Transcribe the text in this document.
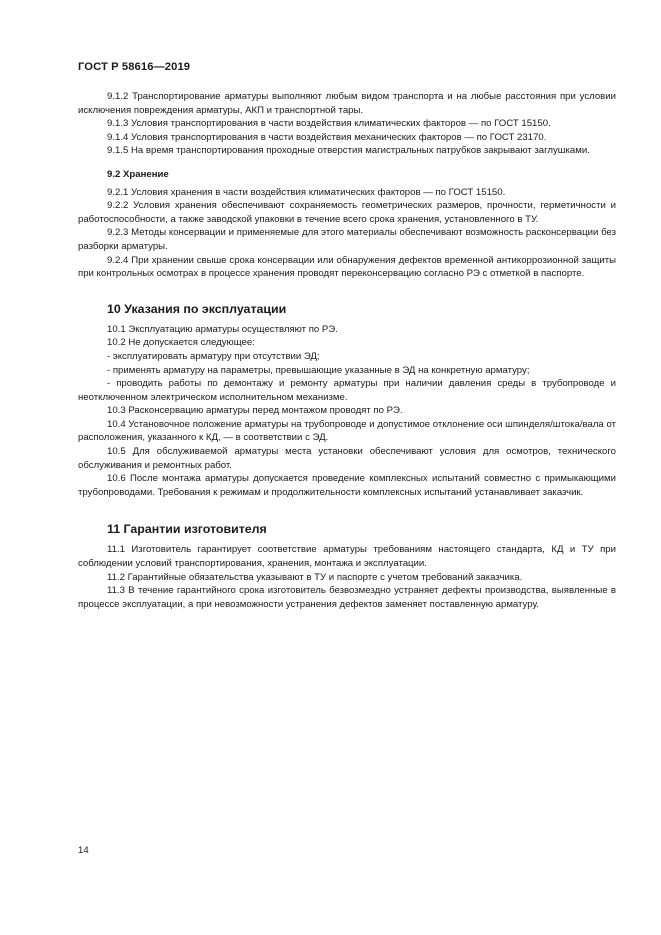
ГОСТ Р 58616—2019

9.1.2 Транспортирование арматуры выполняют любым видом транспорта и на любые расстояния при условии исключения повреждения арматуры, АКП и транспортной тары.

9.1.3 Условия транспортирования в части воздействия климатических факторов — по ГОСТ 15150.

9.1.4 Условия транспортирования в части воздействия механических факторов — по ГОСТ 23170.

9.1.5 На время транспортирования проходные отверстия магистральных патрубков закрывают заглушками.

9.2 Хранение

9.2.1 Условия хранения в части воздействия климатических факторов — по ГОСТ 15150.

9.2.2 Условия хранения обеспечивают сохраняемость геометрических размеров, прочности, герметичности и работоспособности, а также заводской упаковки в течение всего срока хранения, установленного в ТУ.

9.2.3 Методы консервации и применяемые для этого материалы обеспечивают возможность расконсервации без разборки арматуры.

9.2.4 При хранении свыше срока консервации или обнаружения дефектов временной антикоррозионной защиты при контрольных осмотрах в процессе хранения проводят переконсервацию согласно РЭ с отметкой в паспорте.

10 Указания по эксплуатации

10.1 Эксплуатацию арматуры осуществляют по РЭ.

10.2 Не допускается следующее:

- эксплуатировать арматуру при отсутствии ЭД;

- применять арматуру на параметры, превышающие указанные в ЭД на конкретную арматуру;

- проводить работы по демонтажу и ремонту арматуры при наличии давления среды в трубопроводе и неотключенном электрическом исполнительном механизме.

10.3 Расконсервацию арматуры перед монтажом проводят по РЭ.

10.4 Установочное положение арматуры на трубопроводе и допустимое отклонение оси шпинделя/штока/вала от расположения, указанного к КД, — в соответствии с ЭД.

10.5 Для обслуживаемой арматуры места установки обеспечивают условия для осмотров, технического обслуживания и ремонтных работ.

10.6 После монтажа арматуры допускается проведение комплексных испытаний совместно с примыкающими трубопроводами. Требования к режимам и продолжительности комплексных испытаний устанавливает заказчик.

11 Гарантии изготовителя

11.1 Изготовитель гарантирует соответствие арматуры требованиям настоящего стандарта, КД и ТУ при соблюдении условий транспортирования, хранения, монтажа и эксплуатации.

11.2 Гарантийные обязательства указывают в ТУ и паспорте с учетом требований заказчика.

11.3 В течение гарантийного срока изготовитель безвозмездно устраняет дефекты производства, выявленные в процессе эксплуатации, а при невозможности устранения дефектов заменяет поставленную арматуру.

14
